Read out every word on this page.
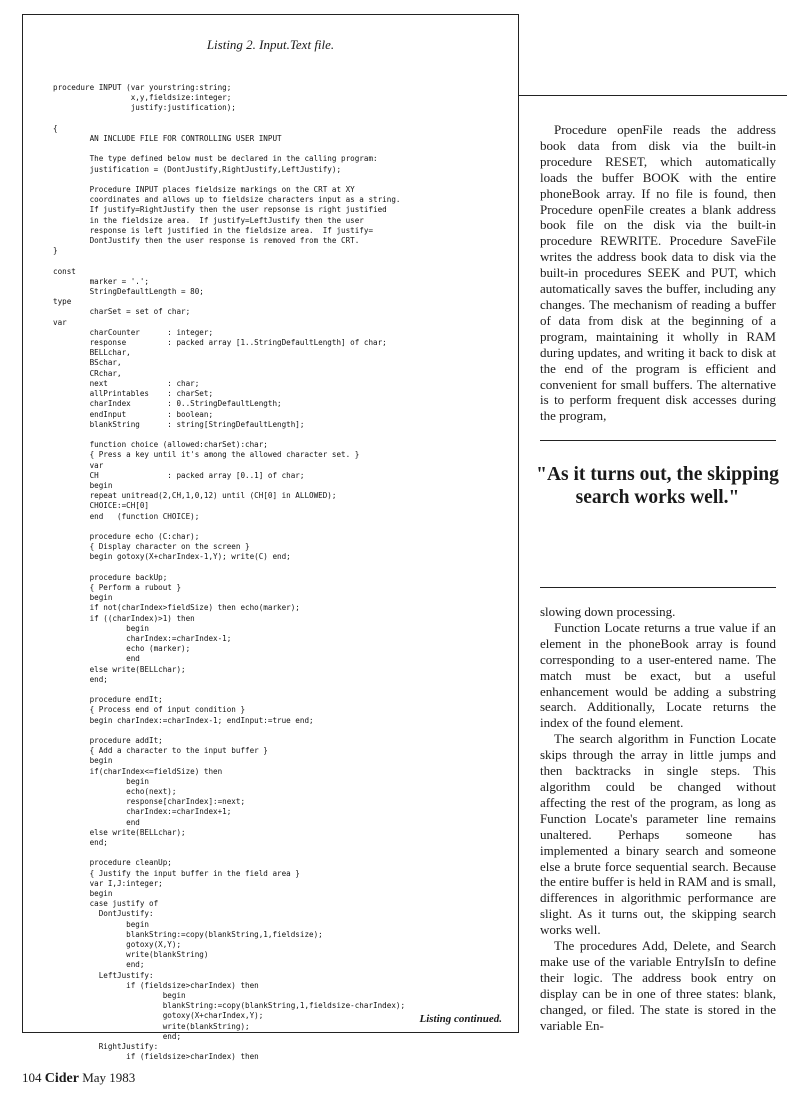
Listing 2. Input.Text file.
procedure INPUT (var yourstring:string;
x,y,fieldsize:integer;
justify:justification);

{
AN INCLUDE FILE FOR CONTROLLING USER INPUT

The type defined below must be declared in the calling program:
justification = (DontJustify,RightJustify,LeftJustify);

Procedure INPUT places fieldsize markings on the CRT at XY
coordinates and allows up to fieldsize characters input as a string.
If justify=RightJustify then the user repsonse is right justified
in the fieldsize area.  If justify=LeftJustify then the user
response is left justified in the fieldsize area.  If justify=
DontJustify then the user response is removed from the CRT.
}

const
marker = '.';
StringDefaultLength = 80;
type
charSet = set of char;
var
charCounter      : integer;
response         : packed array [1..StringDefaultLength] of char;
BELLchar,
BSchar,
CRchar,
next             : char;
allPrintables    : charSet;
charIndex        : 0..StringDefaultLength;
endInput         : boolean;
blankString      : string[StringDefaultLength];

function choice (allowed:charSet):char;
{ Press a key until it's among the allowed character set. }
var
CH               : packed array [0..1] of char;
begin
repeat unitread(2,CH,1,0,12) until (CH[0] in ALLOWED);
CHOICE:=CH[0]
end   (function CHOICE);

procedure echo (C:char);
{ Display character on the screen }
begin gotoxy(X+charIndex-1,Y); write(C) end;

procedure backUp;
{ Perform a rubout }
begin
if not(charIndex>fieldSize) then echo(marker);
if ((charIndex)>1) then
begin
charIndex:=charIndex-1;
echo (marker);
end
else write(BELLchar);
end;

procedure endIt;
{ Process end of input condition }
begin charIndex:=charIndex-1; endInput:=true end;

procedure addIt;
{ Add a character to the input buffer }
begin
if(charIndex<=fieldSize) then
begin
echo(next);
response[charIndex]:=next;
charIndex:=charIndex+1;
end
else write(BELLchar);
end;

procedure cleanUp;
{ Justify the input buffer in the field area }
var I,J:integer;
begin
case justify of
DontJustify:
begin
blankString:=copy(blankString,1,fieldsize);
gotoxy(X,Y);
write(blankString)
end;
LeftJustify:
if (fieldsize>charIndex) then
begin
blankString:=copy(blankString,1,fieldsize-charIndex);
gotoxy(X+charIndex,Y);
write(blankString);
end;
RightJustify:
if (fieldsize>charIndex) then
Listing continued.

Procedure openFile reads the address book data from disk via the built-in procedure RESET, which automatically loads the buffer BOOK with the entire phoneBook array. If no file is found, then Procedure openFile creates a blank address book file on the disk via the built-in procedure REWRITE. Procedure SaveFile writes the address book data to disk via the built-in procedures SEEK and PUT, which automatically saves the buffer, including any changes. The mechanism of reading a buffer of data from disk at the beginning of a program, maintaining it wholly in RAM during updates, and writing it back to disk at the end of the program is efficient and convenient for small buffers. The alternative is to perform frequent disk accesses during the program,

"As it turns out, the skipping search works well."

slowing down processing.

Function Locate returns a true value if an element in the phoneBook array is found corresponding to a user-entered name. The match must be exact, but a useful enhancement would be adding a substring search. Additionally, Locate returns the index of the found element.

The search algorithm in Function Locate skips through the array in little jumps and then backtracks in single steps. This algorithm could be changed without affecting the rest of the program, as long as Function Locate's parameter line remains unaltered. Perhaps someone has implemented a binary search and someone else a brute force sequential search. Because the entire buffer is held in RAM and is small, differences in algorithmic performance are slight. As it turns out, the skipping search works well.

The procedures Add, Delete, and Search make use of the variable EntryIsIn to define their logic. The address book entry on display can be in one of three states: blank, changed, or filed. The state is stored in the variable En-

104 Cider May 1983
